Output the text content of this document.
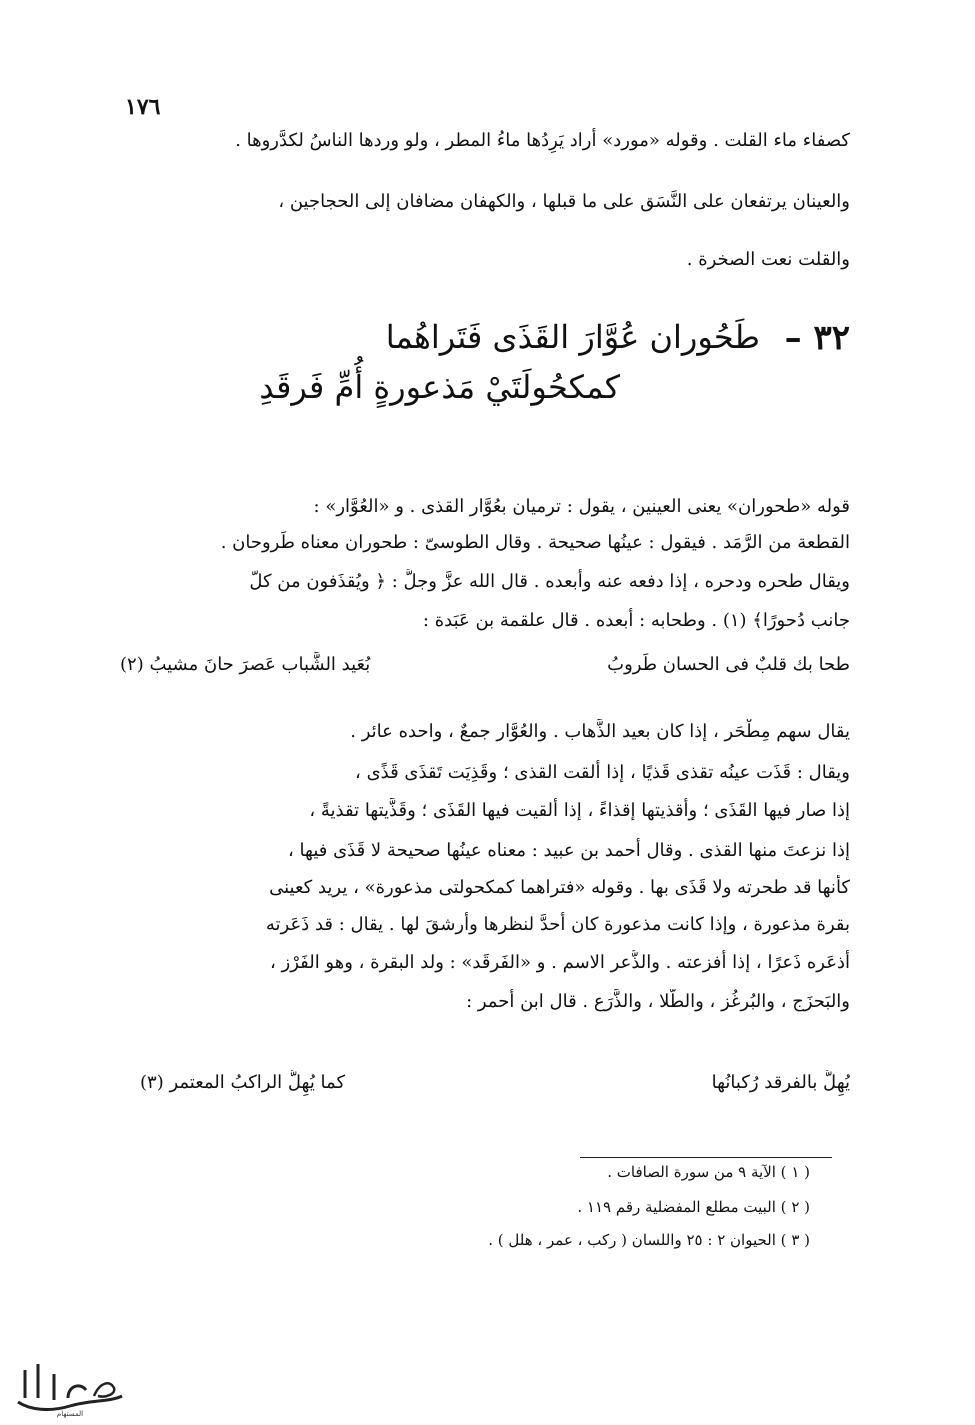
١٧٦
كصفاء ماء القلت . وقوله «مورد» أراد يَرِدُها ماءُ المطر ، ولو وردها الناسُ لكدَّروها .
والعينان يرتفعان على النَّسَق على ما قبلها ، والكهفان مضافان إلى الحجاجين ،
والقلت نعت الصخرة .
٣٢ –
طَحُوران عُوَّارَ القَذَى فَتَراهُما
كمكحُولَتَيْ مَذعورةٍ أُمِّ فَرقَدِ
قوله «طحوران» يعنى العينين ، يقول : ترميان بعُوَّار القذى . و «العُوَّار» :
القطعة من الرَّمَد . فيقول : عينُها صحيحة . وقال الطوسىّ : طحوران معناه طَروحان .
ويقال طحره ودحره ، إذا دفعه عنه وأبعده . قال الله عزَّ وجلَّ : ﴿ ويُقذَفون من كلّ
جانب دُحورًا﴾ (١) . وطحابه : أبعده . قال علقمة بن عَبَدة :
طحا بك قلبٌ فى الحسان طَروبُ
بُعَيد الشَّباب عَصرَ حانَ مشيبُ (٢)
يقال سهم مِطْحَر ، إذا كان بعيد الذَّهاب . والعُوَّار جمعٌ ، واحده عائر .
ويقال : قَذَت عينُه تقذى قَذيًا ، إذا ألقت القذى ؛ وقَذِيَت تَقذَى قَذًى ،
إذا صار فيها القَذَى ؛ وأقذيتها إقذاءً ، إذا ألقيت فيها القَذَى ؛ وقَذَّيتها تقذيةً ،
إذا نزعتَ منها القذى . وقال أحمد بن عبيد : معناه عينُها صحيحة لا قَذَى فيها ،
كأنها قد طحرته ولا قَذَى بها . وقوله «فتراهما كمكحولتى مذعورة» ، يريد كعينى
بقرة مذعورة ، وإذا كانت مذعورة كان أحدَّ لنظرها وأرشقَ لها . يقال : قد ذَعَرته
أذعَره ذَعرًا ، إذا أفزعته . والذُّعر الاسم . و «الفَرقَد» : ولد البقرة ، وهو الفَرْز ،
والبَحزَج ، والبُرغُز ، والطَّلا ، والذَّرَع . قال ابن أحمر :
يُهِلُّ بالفرقد رُكبانُها
كما يُهِلُّ الراكبُ المعتمر (٣)
( ١ ) الآية ٩ من سورة الصافات .
( ٢ ) البيت مطلع المفضلية رقم ١١٩ .
( ٣ ) الحيوان ٢ : ٢٥ واللسان ( ركب ، عمر ، هلل ) .
المستهام
